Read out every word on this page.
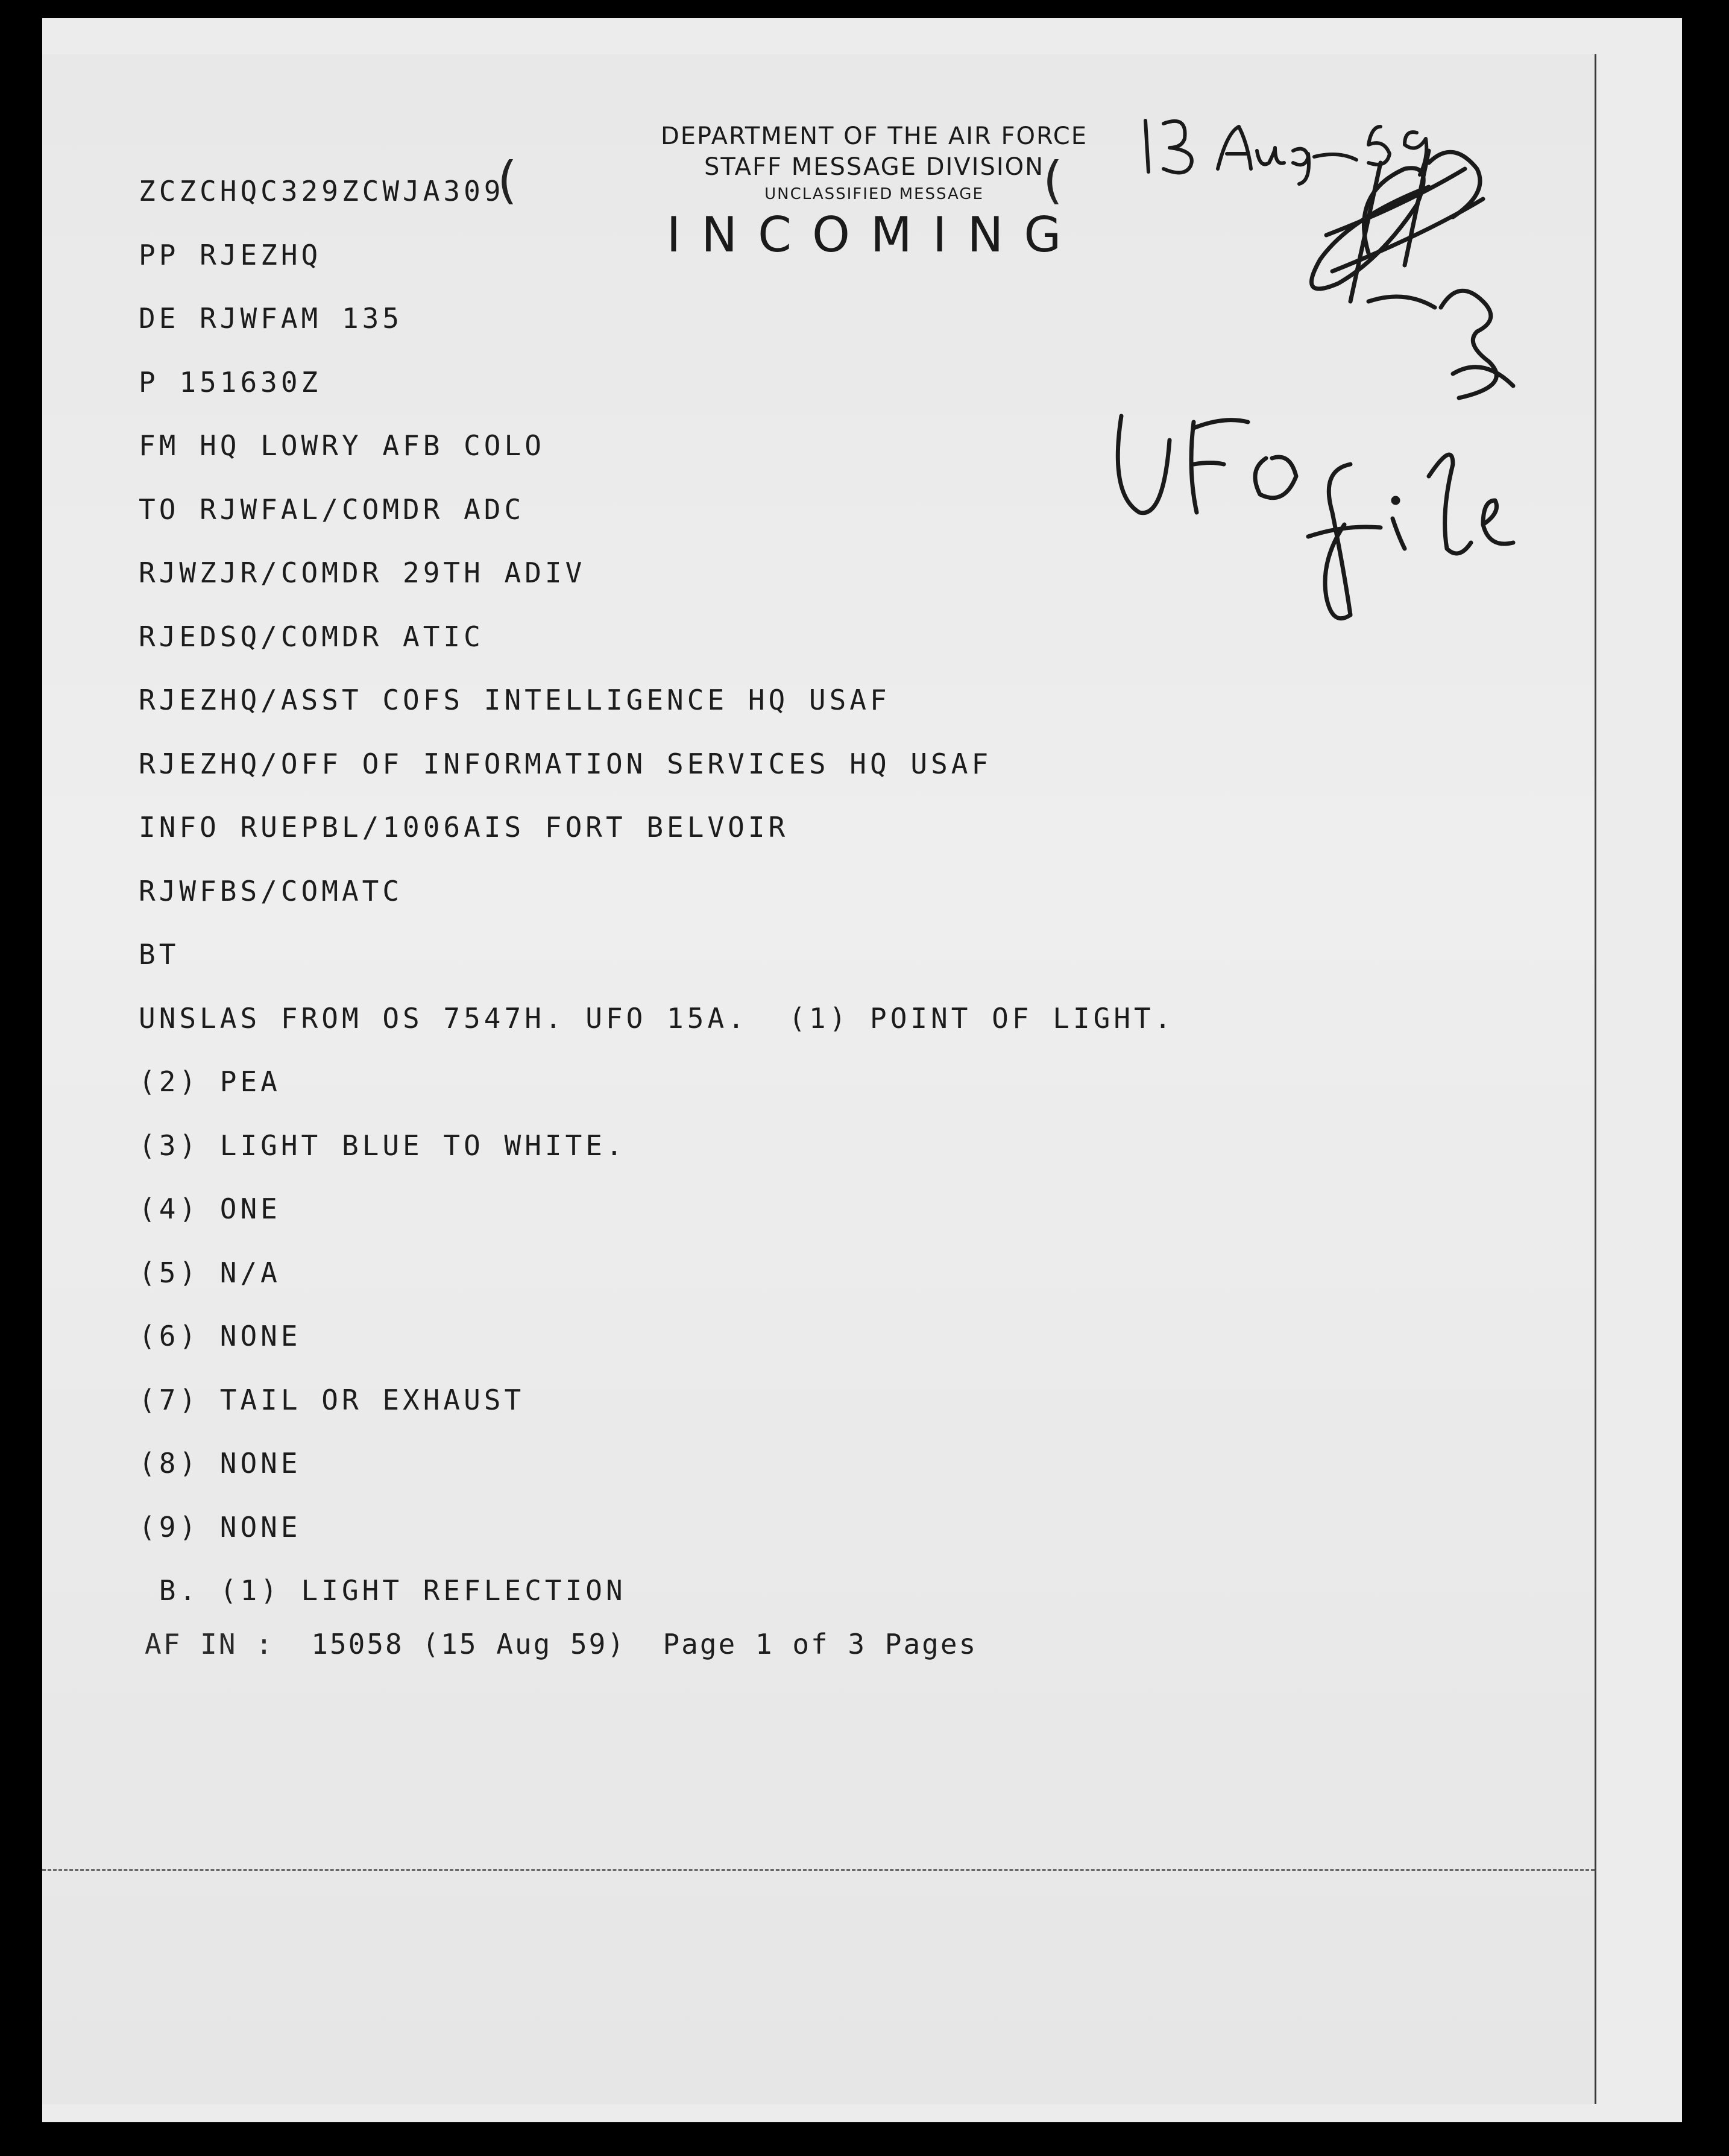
DEPARTMENT OF THE AIR FORCE
STAFF MESSAGE DIVISION
UNCLASSIFIED MESSAGE
INCOMING
(	(
ZCZCHQC329ZCWJA309
PP RJEZHQ
DE RJWFAM 135
P 151630Z
FM HQ LOWRY AFB COLO
TO RJWFAL/COMDR ADC
RJWZJR/COMDR 29TH ADIV
RJEDSQ/COMDR ATIC
RJEZHQ/ASST COFS INTELLIGENCE HQ USAF
RJEZHQ/OFF OF INFORMATION SERVICES HQ USAF
INFO RUEPBL/1006AIS FORT BELVOIR
RJWFBS/COMATC
BT
UNSLAS FROM OS 7547H. UFO 15A.  (1) POINT OF LIGHT.
(2) PEA
(3) LIGHT BLUE TO WHITE.
(4) ONE
(5) N/A
(6) NONE
(7) TAIL OR EXHAUST
(8) NONE
(9) NONE
B. (1) LIGHT REFLECTION
AF IN : 15058 (15 Aug 59)  Page 1 of 3 Pages
